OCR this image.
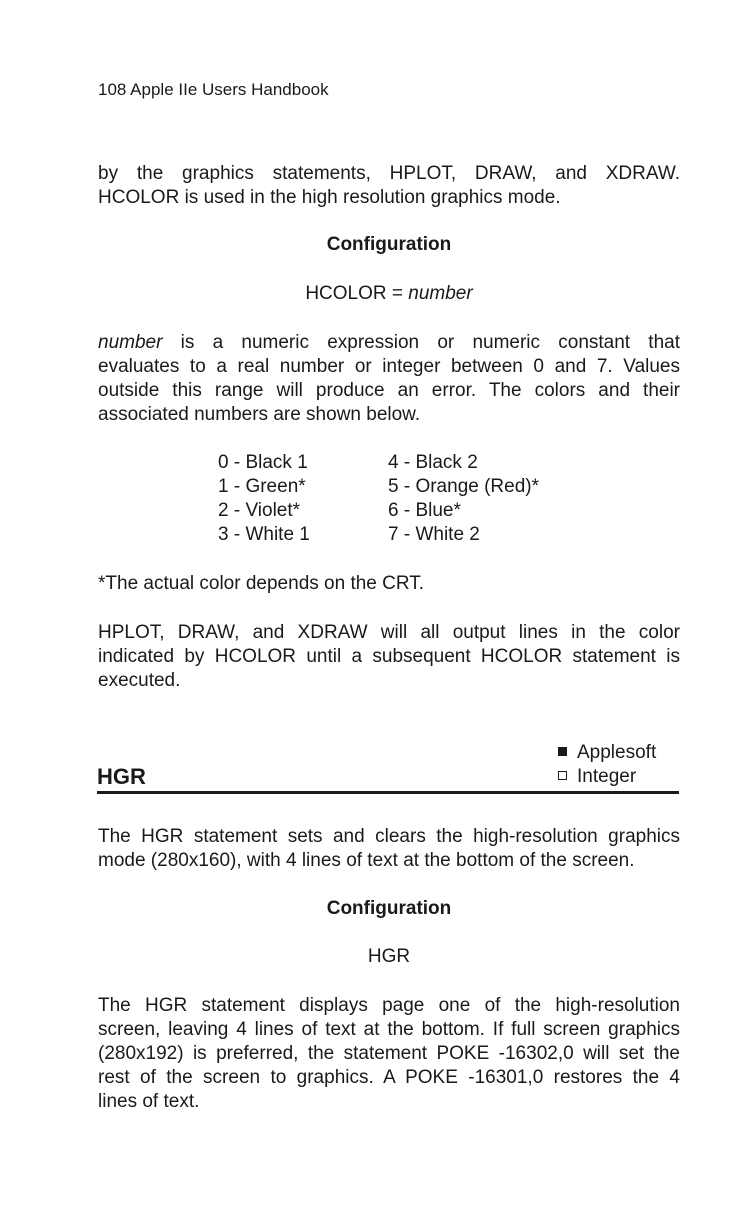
108 Apple IIe Users Handbook
by the graphics statements, HPLOT, DRAW, and XDRAW.
HCOLOR is used in the high resolution graphics mode.
Configuration
HCOLOR = number
number is a numeric expression or numeric constant that
evaluates to a real number or integer between 0 and 7. Values
outside this range will produce an error. The colors and their
associated numbers are shown below.
0 - Black 1
1 - Green*
2 - Violet*
3 - White 1
4 - Black 2
5 - Orange (Red)*
6 - Blue*
7 - White 2
*The actual color depends on the CRT.
HPLOT, DRAW, and XDRAW will all output lines in the color
indicated by HCOLOR until a subsequent HCOLOR statement is
executed.
HGR
Applesoft
Integer
The HGR statement sets and clears the high-resolution graphics
mode (280x160), with 4 lines of text at the bottom of the screen.
Configuration
HGR
The HGR statement displays page one of the high-resolution
screen, leaving 4 lines of text at the bottom. If full screen graphics
(280x192) is preferred, the statement POKE -16302,0 will set the
rest of the screen to graphics. A POKE -16301,0 restores the 4
lines of text.
